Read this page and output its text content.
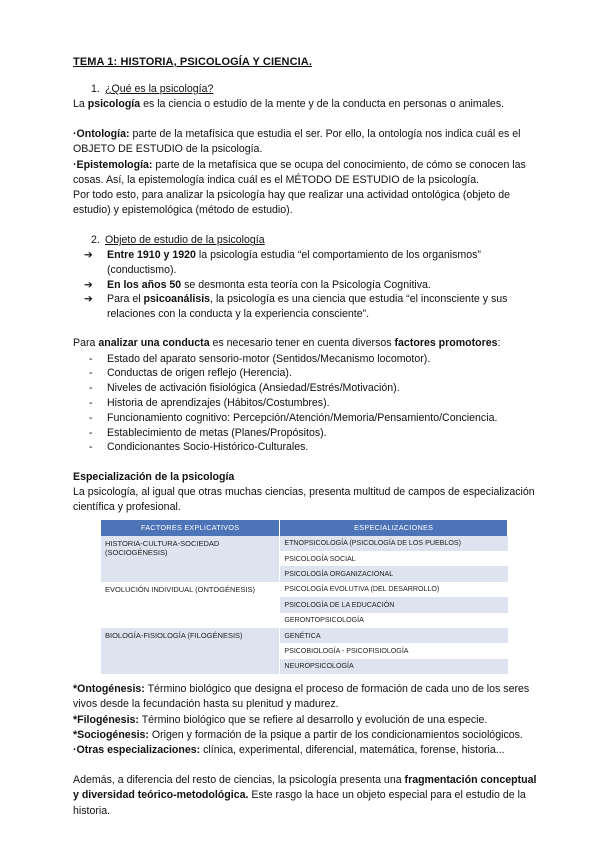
TEMA 1: HISTORIA, PSICOLOGÍA Y CIENCIA.
1. ¿Qué es la psicología?

La psicología es la ciencia o estudio de la mente y de la conducta en personas o animales.

·Ontología: parte de la metafísica que estudia el ser. Por ello, la ontología nos indica cuál es el OBJETO DE ESTUDIO de la psicología.

·Epistemología: parte de la metafísica que se ocupa del conocimiento, de cómo se conocen las cosas. Así, la epistemología indica cuál es el MÉTODO DE ESTUDIO de la psicología.

Por todo esto, para analizar la psicología hay que realizar una actividad ontológica (objeto de estudio) y epistemológica (método de estudio).

2. Objeto de estudio de la psicología
➔ Entre 1910 y 1920 la psicología estudia “el comportamiento de los organismos” (conductismo).
➔ En los años 50 se desmonta esta teoría con la Psicología Cognitiva.
➔ Para el psicoanálisis, la psicología es una ciencia que estudia “el inconsciente y sus relaciones con la conducta y la experiencia consciente”.

Para analizar una conducta es necesario tener en cuenta diversos factores promotores:

- Estado del aparato sensorio-motor (Sentidos/Mecanismo locomotor).
- Conductas de origen reflejo (Herencia).
- Niveles de activación fisiológica (Ansiedad/Estrés/Motivación).
- Historia de aprendizajes (Hábitos/Costumbres).
- Funcionamiento cognitivo: Percepción/Atención/Memoria/Pensamiento/Conciencia.
- Establecimiento de metas (Planes/Propósitos).
- Condicionantes Socio-Histórico-Culturales.
Especialización de la psicología

La psicología, al igual que otras muchas ciencias, presenta multitud de campos de especialización científica y profesional.

FACTORES EXPLICATIVOS	ESPECIALIZACIONES
HISTORIA-CULTURA-SOCIEDAD (SOCIOGÉNESIS)	ETNOPSICOLOGÍA (PSICOLOGÍA DE LOS PUEBLOS)
	PSICOLOGÍA SOCIAL
	PSICOLOGÍA ORGANIZACIONAL
EVOLUCIÓN INDIVIDUAL (ONTOGÉNESIS)	PSICOLOGÍA EVOLUTIVA (DEL DESARROLLO)
	PSICOLOGÍA DE LA EDUCACIÓN
	GERONTOPSICOLOGÍA
BIOLOGÍA-FISIOLOGÍA (FILOGÉNESIS)	GENÉTICA
	PSICOBIOLOGÍA - PSICOFISIOLOGÍA
	NEUROPSICOLOGÍA

*Ontogénesis: Término biológico que designa el proceso de formación de cada uno de los seres vivos desde la fecundación hasta su plenitud y madurez.

*Filogénesis: Término biológico que se refiere al desarrollo y evolución de una especie.

*Sociogénesis: Origen y formación de la psique a partir de los condicionamientos sociológicos.

·Otras especializaciones: clínica, experimental, diferencial, matemática, forense, historia...

Además, a diferencia del resto de ciencias, la psicología presenta una fragmentación conceptual y diversidad teórico-metodológica. Este rasgo la hace un objeto especial para el estudio de la historia.
